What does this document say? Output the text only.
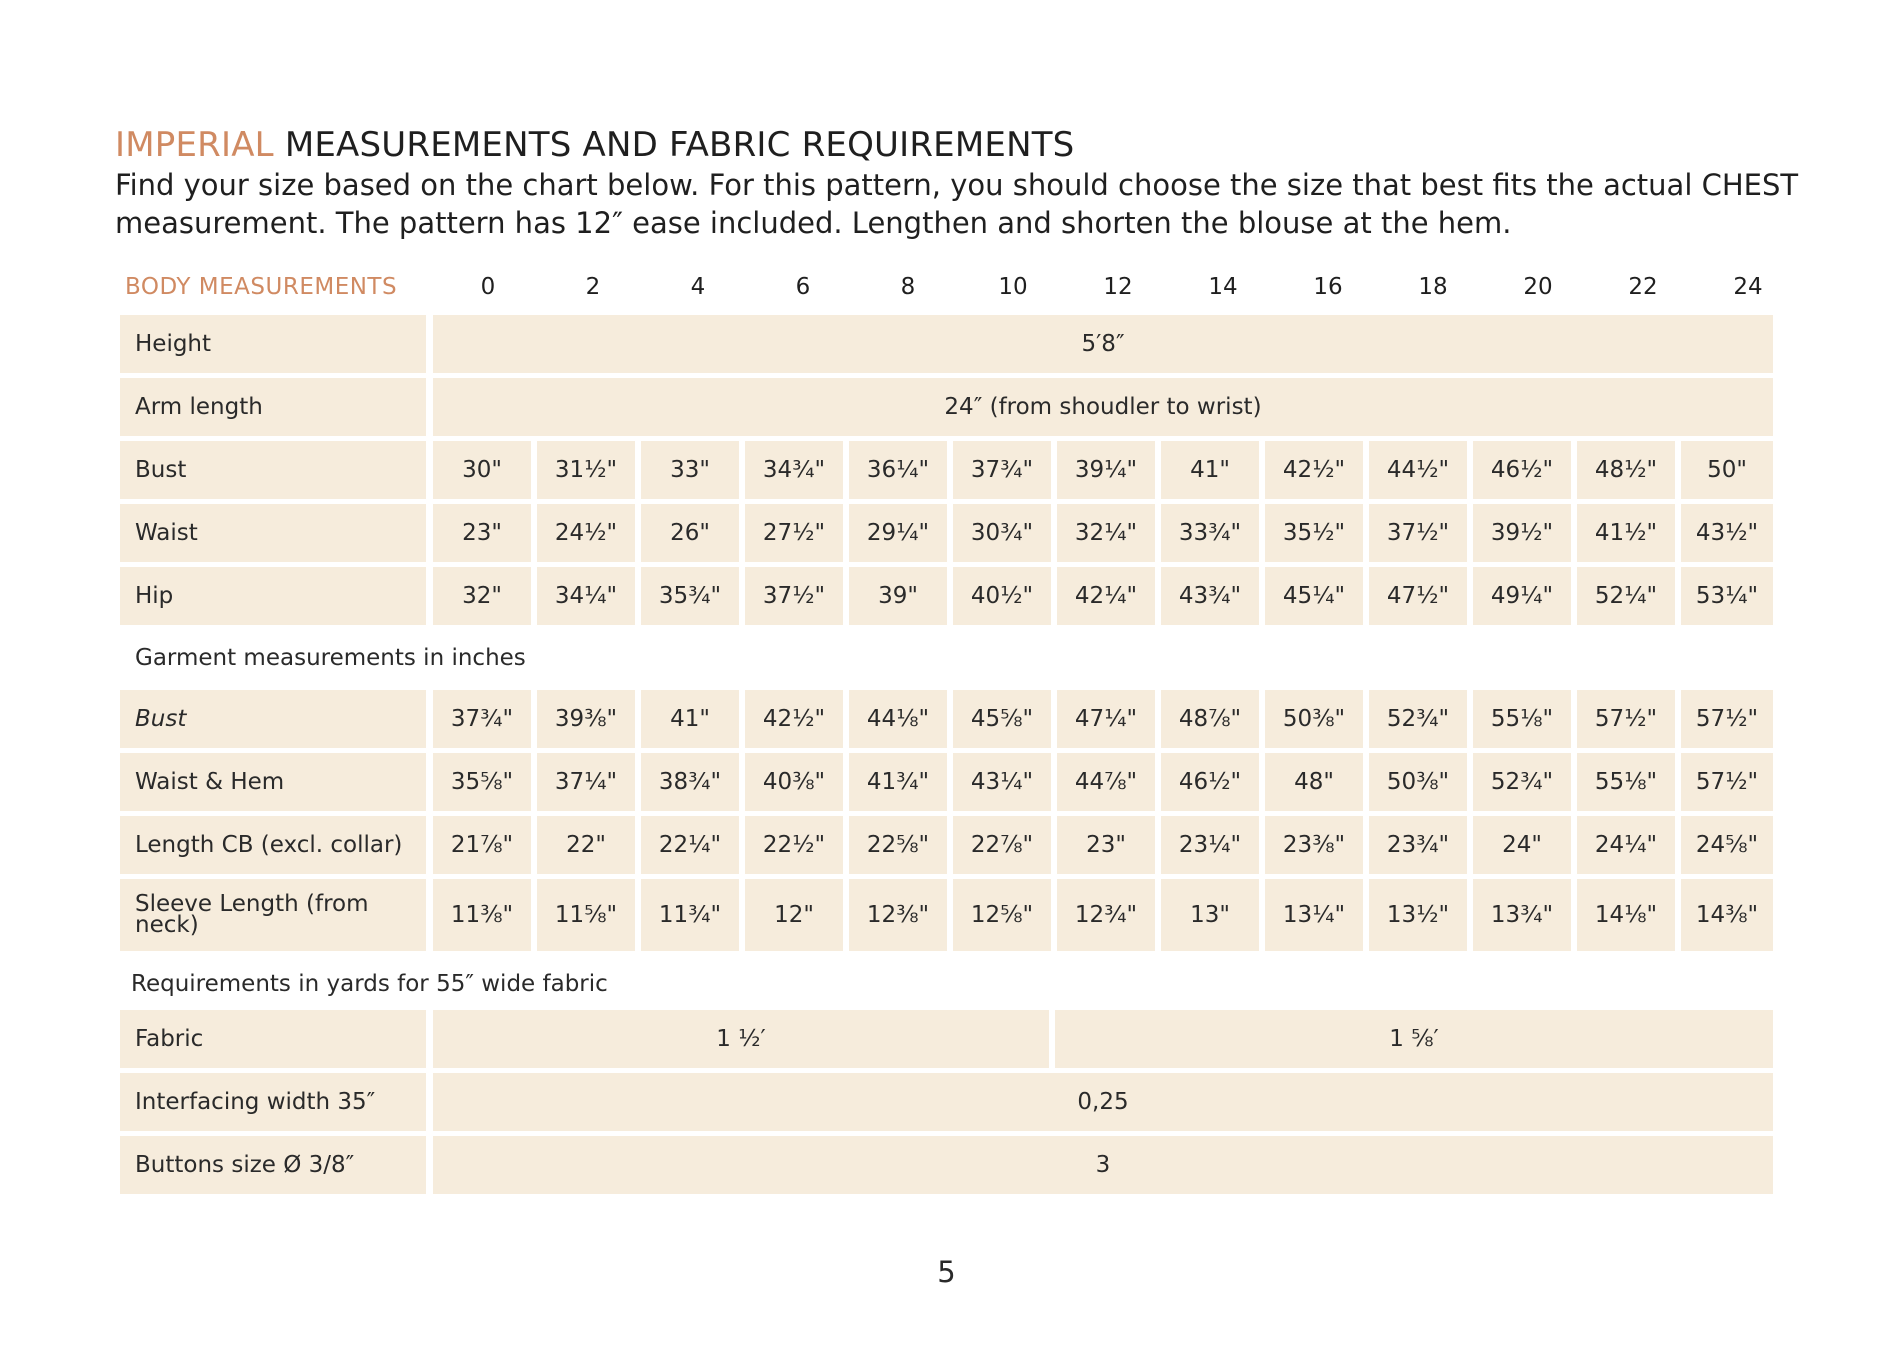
IMPERIAL MEASUREMENTS AND FABRIC REQUIREMENTS
Find your size based on the chart below. For this pattern, you should choose the size that best fits the actual CHEST
measurement. The pattern has 12″ ease included. Lengthen and shorten the blouse at the hem.
BODY MEASUREMENTS	0	2	4	6	8	10	12	14	16	18	20	22	24
Height	5′8″
Arm length	24″ (from shoudler to wrist)
Bust	30"	31½"	33"	34¾"	36¼"	37¾"	39¼"	41"	42½"	44½"	46½"	48½"	50"
Waist	23"	24½"	26"	27½"	29¼"	30¾"	32¼"	33¾"	35½"	37½"	39½"	41½"	43½"
Hip	32"	34¼"	35¾"	37½"	39"	40½"	42¼"	43¾"	45¼"	47½"	49¼"	52¼"	53¼"
Garment measurements in inches
Bust	37¾"	39⅜"	41"	42½"	44⅛"	45⅝"	47¼"	48⅞"	50⅜"	52¾"	55⅛"	57½"	57½"
Waist & Hem	35⅝"	37¼"	38¾"	40⅜"	41¾"	43¼"	44⅞"	46½"	48"	50⅜"	52¾"	55⅛"	57½"
Length CB (excl. collar)	21⅞"	22"	22¼"	22½"	22⅝"	22⅞"	23"	23¼"	23⅜"	23¾"	24"	24¼"	24⅝"
Sleeve Length (from
neck)	11⅜"	11⅝"	11¾"	12"	12⅜"	12⅝"	12¾"	13"	13¼"	13½"	13¾"	14⅛"	14⅜"
Requirements in yards for 55″ wide fabric
Fabric	1 ½′	1 ⅝′
Interfacing width 35″	0,25
Buttons size Ø 3/8″	3
5
